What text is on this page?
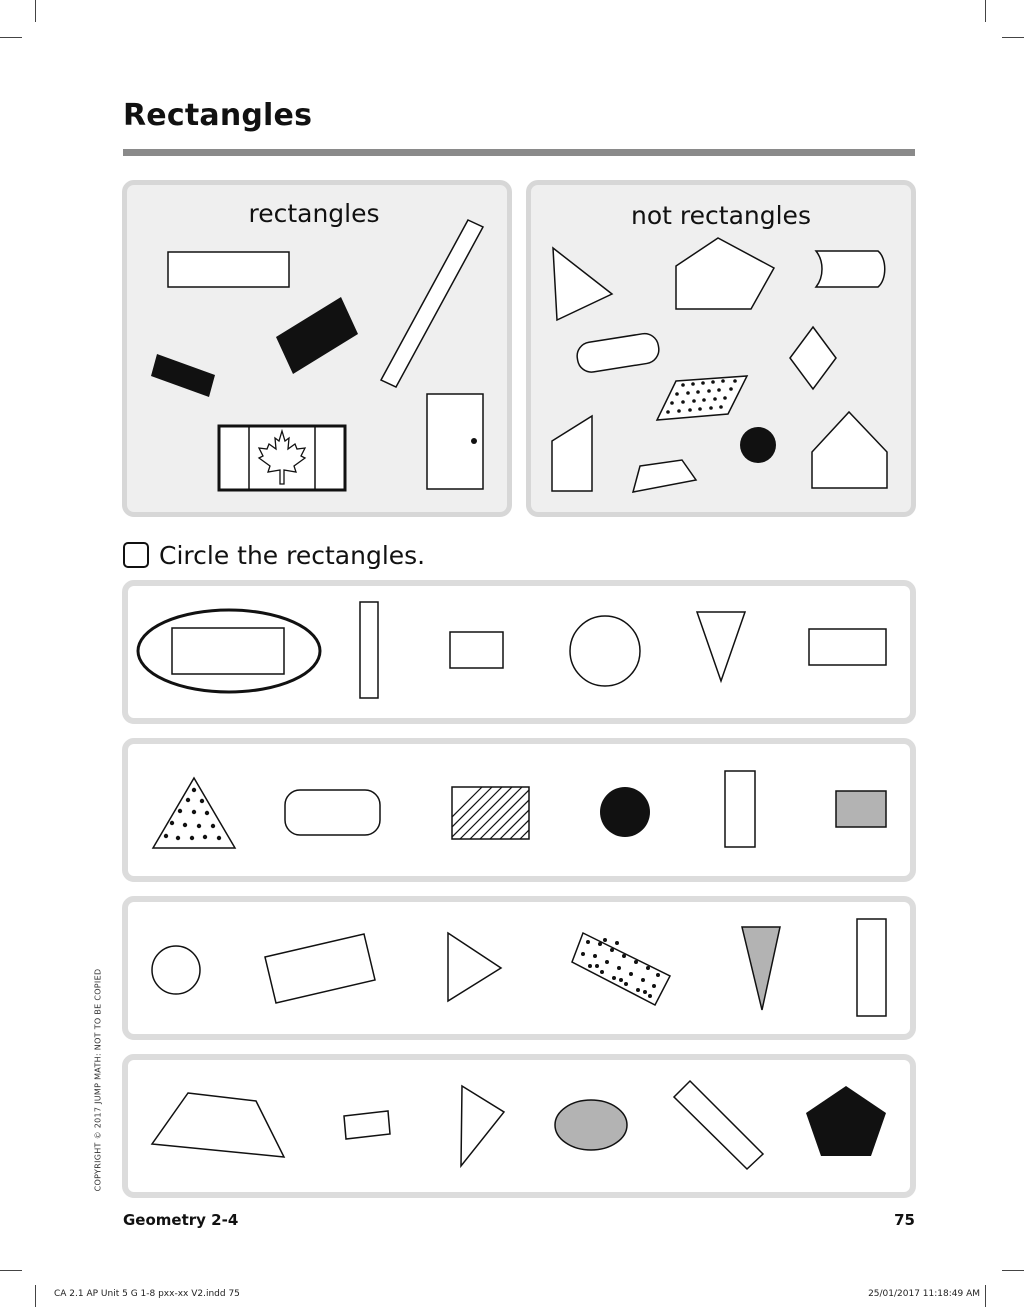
Rectangles
rectangles	not rectangles
Circle the rectangles.
COPYRIGHT © 2017 JUMP MATH: NOT TO BE COPIED
Geometry 2-4	75
CA 2.1 AP Unit 5 G 1-8 pxx-xx V2.indd 75	25/01/2017 11:18:49 AM
